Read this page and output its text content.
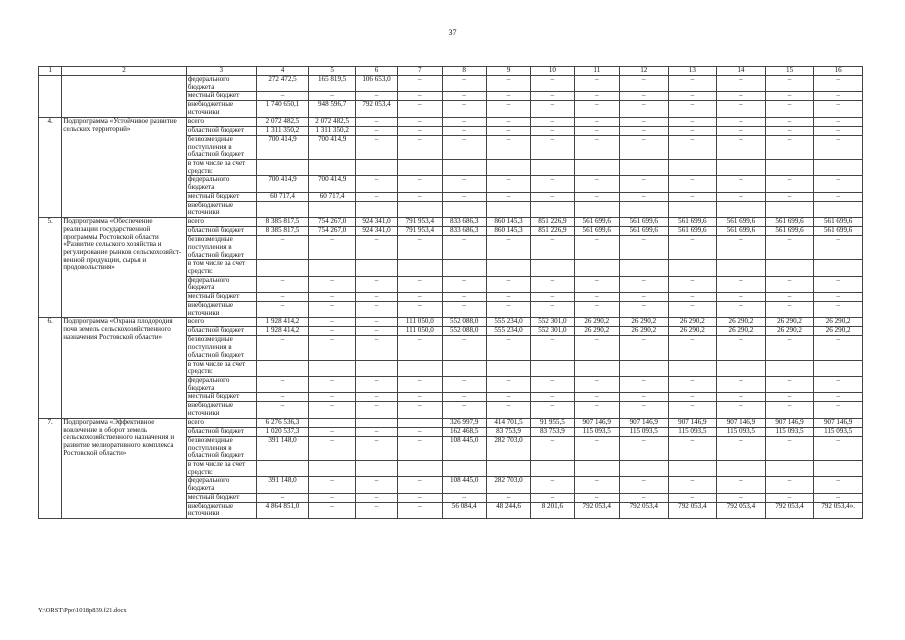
37
1	2	3	4	5	6	7	8	9	10	11	12	13	14	15	16
		федерального бюджета	272 472,5	165 819,5	106 653,0	–	–	–	–	–	–	–	–	–	–
		местный бюджет	–	–	–	–	–	–	–	–	–	–	–	–	–
		внебюджетные источники	1 740 650,1	948 596,7	792 053,4	–	–	–	–	–	–	–	–	–	–
4.	Подпрограмма «Устойчивое развитие сельских территорий»	всего	2 072 482,5	2 072 482,5	–	–	–	–	–	–	–	–	–	–	–
		областной бюджет	1 311 350,2	1 311 350,2	–	–	–	–	–	–	–	–	–	–	–
		безвозмездные поступления в областной бюджет	700 414,9	700 414,9	–	–	–	–	–	–	–	–	–	–	–
		в том числе за счет средств:													
		федерального бюджета	700 414,9	700 414,9	–	–	–	–	–	–	–	–	–	–	–
		местный бюджет	60 717,4	60 717,4	–	–	–	–	–	–	–	–	–	–	–
		внебюджетные источники													
5.	Подпрограмма «Обеспечение реализации государственной программы Ростовской области «Развитие сельского хозяйства и регулирование рынков сельскохозяйст-венной продукции, сырья и продовольствия»	всего	8 385 817,5	754 267,0	924 341,0	791 953,4	833 686,3	860 145,3	851 226,9	561 699,6	561 699,6	561 699,6	561 699,6	561 699,6	561 699,6
		областной бюджет	8 385 817,5	754 267,0	924 341,0	791 953,4	833 686,3	860 145,3	851 226,9	561 699,6	561 699,6	561 699,6	561 699,6	561 699,6	561 699,6
		безвозмездные поступления в областной бюджет	–	–	–	–	–	–	–	–	–	–	–	–	–
		в том числе за счет средств:													
		федерального бюджета	–	–	–	–	–	–	–	–	–	–	–	–	–
		местный бюджет	–	–	–	–	–	–	–	–	–	–	–	–	–
		внебюджетные источники	–	–	–	–	–	–	–	–	–	–	–	–	–
6.	Подпрограмма «Охрана плодородия почв земель сельскохозяйственного назначения Ростовской области»	всего	1 928 414,2	–	–	111 050,0	552 088,0	555 234,0	552 301,0	26 290,2	26 290,2	26 290,2	26 290,2	26 290,2	26 290,2
		областной бюджет	1 928 414,2	–	–	111 050,0	552 088,0	555 234,0	552 301,0	26 290,2	26 290,2	26 290,2	26 290,2	26 290,2	26 290,2
		безвозмездные поступления в областной бюджет	–	–	–	–	–	–	–	–	–	–	–	–	–
		в том числе за счет средств:													
		федерального бюджета	–	–	–	–	–	–	–	–	–	–	–	–	–
		местный бюджет	–	–	–	–	–	–	–	–	–	–	–	–	–
		внебюджетные источники	–	–	–	–	–	–	–	–	–	–	–	–	–
7.	Подпрограмма «Эффективное вовлечение в оборот земель сельскохозяйственного назначения и развитие мелиоративного комплекса Ростовской области»	всего	6 276 536,3				326 997,9	414 701,5	91 955,5	907 146,9	907 146,9	907 146,9	907 146,9	907 146,9	907 146,9
		областной бюджет	1 020 537,3	–	–	–	162 468,5	83 753,9	83 753,9	115 093,5	115 093,5	115 093,5	115 093,5	115 093,5	115 093,5
		безвозмездные поступления в областной бюджет	391 148,0	–	–	–	108 445,0	282 703,0	–	–	–	–	–	–	–
		в том числе за счет средств:													
		федерального бюджета	391 148,0	–	–	–	108 445,0	282 703,0	–	–	–	–	–	–	–
		местный бюджет	–	–	–	–	–	–	–	–	–	–	–	–	–
		внебюджетные источники	4 864 851,0	–	–	–	56 084,4	48 244,6	8 201,6	792 053,4	792 053,4	792 053,4	792 053,4	792 053,4	792 053,4».
Y:\ORST\Ppo\1018p839.f21.docx
